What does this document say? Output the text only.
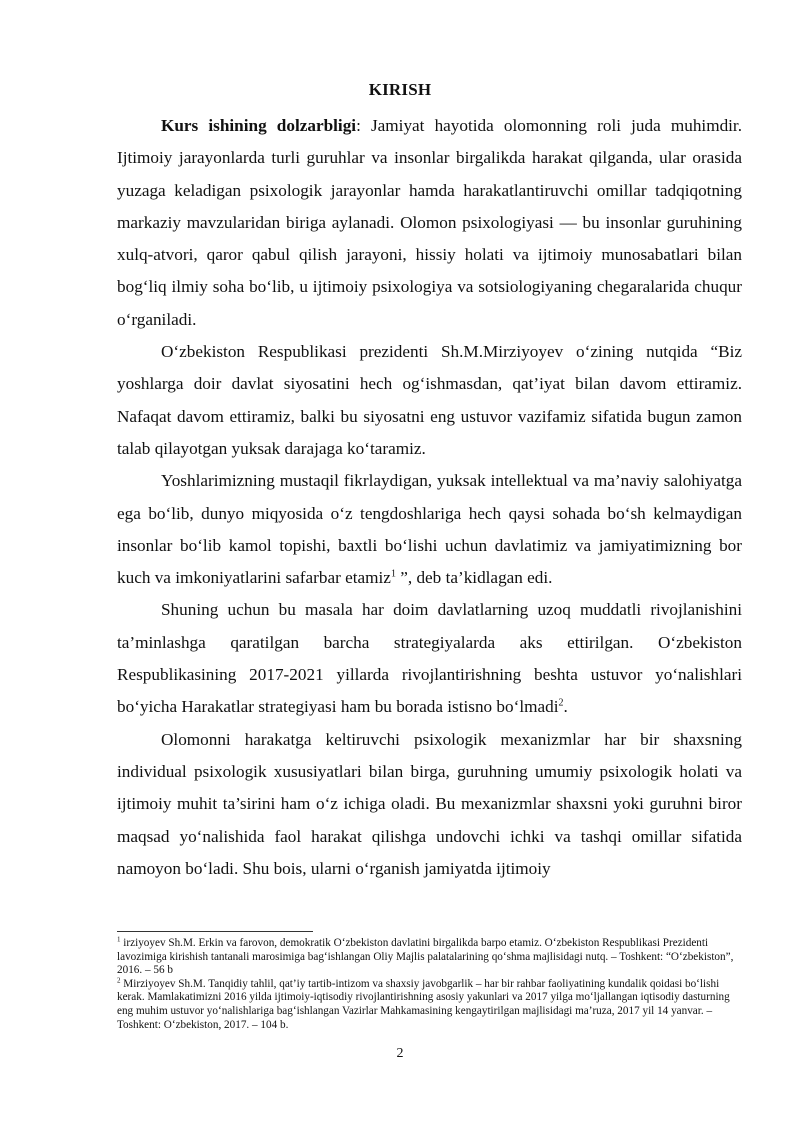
KIRISH

Kurs ishining dolzarbligi: Jamiyat hayotida olomonning roli juda muhimdir. Ijtimoiy jarayonlarda turli guruhlar va insonlar birgalikda harakat qilganda, ular orasida yuzaga keladigan psixologik jarayonlar hamda harakatlantiruvchi omillar tadqiqotning markaziy mavzularidan biriga aylanadi. Olomon psixologiyasi — bu insonlar guruhining xulq-atvori, qaror qabul qilish jarayoni, hissiy holati va ijtimoiy munosabatlari bilan bog‘liq ilmiy soha bo‘lib, u ijtimoiy psixologiya va sotsiologiyaning chegaralarida chuqur o‘rganiladi.

O‘zbekiston Respublikasi prezidenti Sh.M.Mirziyoyev o‘zining nutqida “Biz yoshlarga doir davlat siyosatini hech og‘ishmasdan, qat’iyat bilan davom ettiramiz. Nafaqat davom ettiramiz, balki bu siyosatni eng ustuvor vazifamiz sifatida bugun zamon talab qilayotgan yuksak darajaga ko‘taramiz.

Yoshlarimizning mustaqil fikrlaydigan, yuksak intellektual va ma’naviy salohiyatga ega bo‘lib, dunyo miqyosida o‘z tengdoshlariga hech qaysi sohada bo‘sh kelmaydigan insonlar bo‘lib kamol topishi, baxtli bo‘lishi uchun davlatimiz va jamiyatimizning bor kuch va imkoniyatlarini safarbar etamiz$^1$ ”, deb ta’kidlagan edi.

Shuning uchun bu masala har doim davlatlarning uzoq muddatli rivojlanishini ta’minlashga qaratilgan barcha strategiyalarda aks ettirilgan. O‘zbekiston Respublikasining 2017-2021 yillarda rivojlantirishning beshta ustuvor yo‘nalishlari bo‘yicha Harakatlar strategiyasi ham bu borada istisno bo‘lmadi$^2$.

Olomonni harakatga keltiruvchi psixologik mexanizmlar har bir shaxsning individual psixologik xususiyatlari bilan birga, guruhning umumiy psixologik holati va ijtimoiy muhit ta’sirini ham o‘z ichiga oladi. Bu mexanizmlar shaxsni yoki guruhni biror maqsad yo‘nalishida faol harakat qilishga undovchi ichki va tashqi omillar sifatida namoyon bo‘ladi. Shu bois, ularni o‘rganish jamiyatda ijtimoiy

$^1$ irziyoyev Sh.M. Erkin va farovon, demokratik O‘zbekiston davlatini birgalikda barpo etamiz. O‘zbekiston Respublikasi Prezidenti lavozimiga kirishish tantanali marosimiga bag‘ishlangan Oliy Majlis palatalarining qo‘shma majlisidagi nutq. – Toshkent: “O‘zbekiston”, 2016. – 56 b

$^2$ Mirziyoyev Sh.M. Tanqidiy tahlil, qat’iy tartib-intizom va shaxsiy javobgarlik – har bir rahbar faoliyatining kundalik qoidasi bo‘lishi kerak. Mamlakatimizni 2016 yilda ijtimoiy-iqtisodiy rivojlantirishning asosiy yakunlari va 2017 yilga mo‘ljallangan iqtisodiy dasturning eng muhim ustuvor yo‘nalishlariga bag‘ishlangan Vazirlar Mahkamasining kengaytirilgan majlisidagi ma’ruza, 2017 yil 14 yanvar. – Toshkent: O‘zbekiston, 2017. – 104 b.

2
